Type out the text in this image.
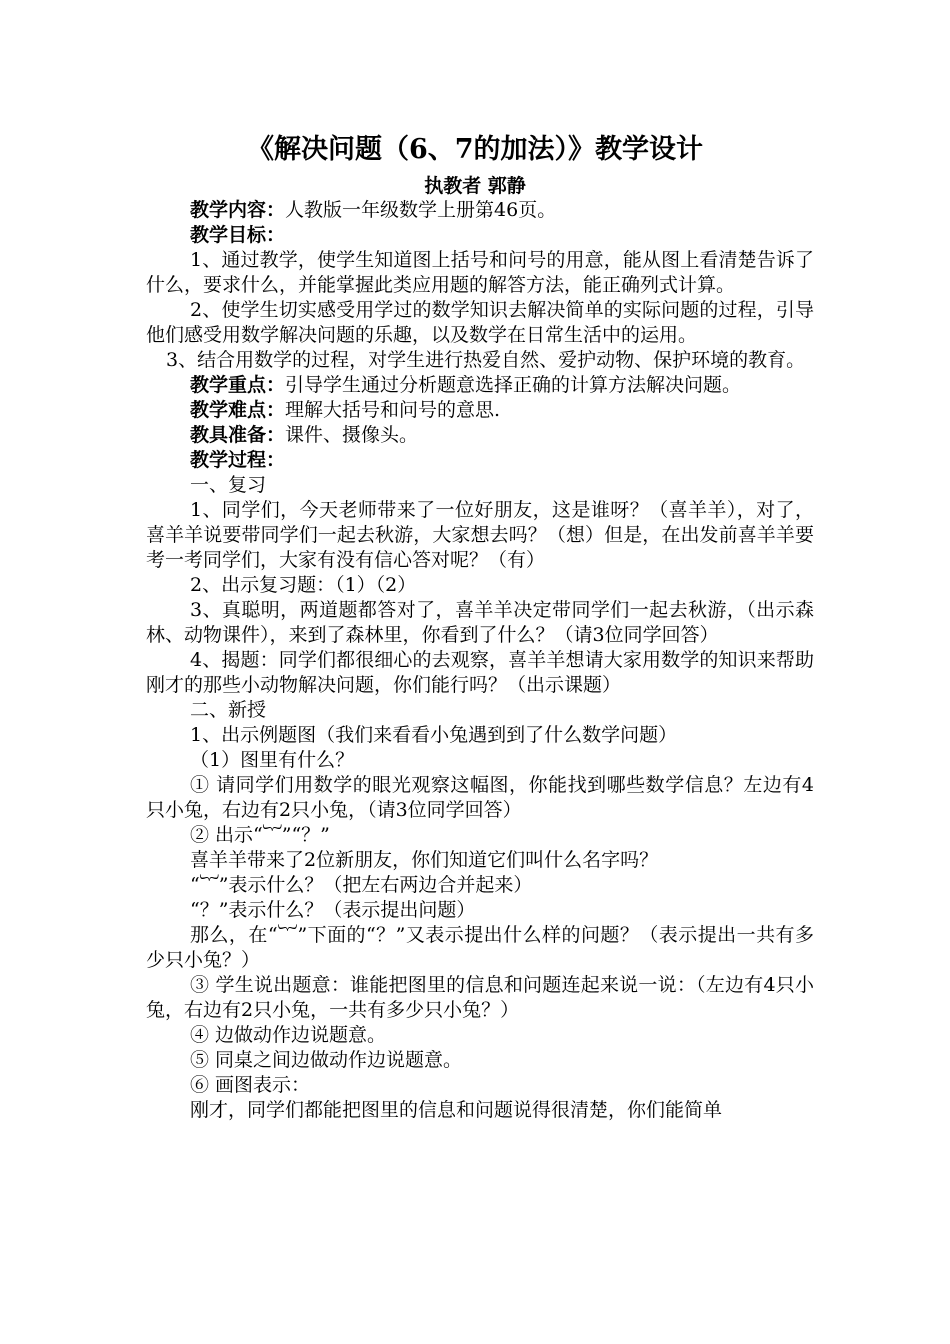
《解决问题（6、7的加法）》教学设计
执教者 郭静

教学内容：人教版一年级数学上册第46页。

教学目标：

1、通过教学，使学生知道图上括号和问号的用意，能从图上看清楚告诉了什么，要求什么，并能掌握此类应用题的解答方法，能正确列式计算。

2、使学生切实感受用学过的数学知识去解决简单的实际问题的过程，引导他们感受用数学解决问题的乐趣，以及数学在日常生活中的运用。

3、结合用数学的过程，对学生进行热爱自然、爱护动物、保护环境的教育。

教学重点：引导学生通过分析题意选择正确的计算方法解决问题。

教学难点：理解大括号和问号的意思.

教具准备：课件、摄像头。

教学过程：

一、复习

1、同学们，今天老师带来了一位好朋友，这是谁呀？（喜羊羊），对了，喜羊羊说要带同学们一起去秋游，大家想去吗？（想）但是，在出发前喜羊羊要考一考同学们，大家有没有信心答对呢？（有）

2、出示复习题：（1）（2）

3、真聪明，两道题都答对了，喜羊羊决定带同学们一起去秋游，（出示森林、动物课件），来到了森林里，你看到了什么？（请3位同学回答）

4、揭题：同学们都很细心的去观察，喜羊羊想请大家用数学的知识来帮助刚才的那些小动物解决问题，你们能行吗？（出示课题）

二、新授

1、出示例题图（我们来看看小兔遇到到了什么数学问题）

（1）图里有什么？

① 请同学们用数学的眼光观察这幅图，你能找到哪些数学信息？左边有4只小兔，右边有2只小兔，（请3位同学回答）

② 出示“︸”“？”

喜羊羊带来了2位新朋友，你们知道它们叫什么名字吗？

“︸”表示什么？（把左右两边合并起来）

“？”表示什么？（表示提出问题）

那么，在“︸”下面的“？”又表示提出什么样的问题？（表示提出一共有多少只小兔？）

③ 学生说出题意：谁能把图里的信息和问题连起来说一说：（左边有4只小兔，右边有2只小兔，一共有多少只小兔？）

④ 边做动作边说题意。

⑤ 同桌之间边做动作边说题意。

⑥ 画图表示：

刚才，同学们都能把图里的信息和问题说得很清楚，你们能简单
